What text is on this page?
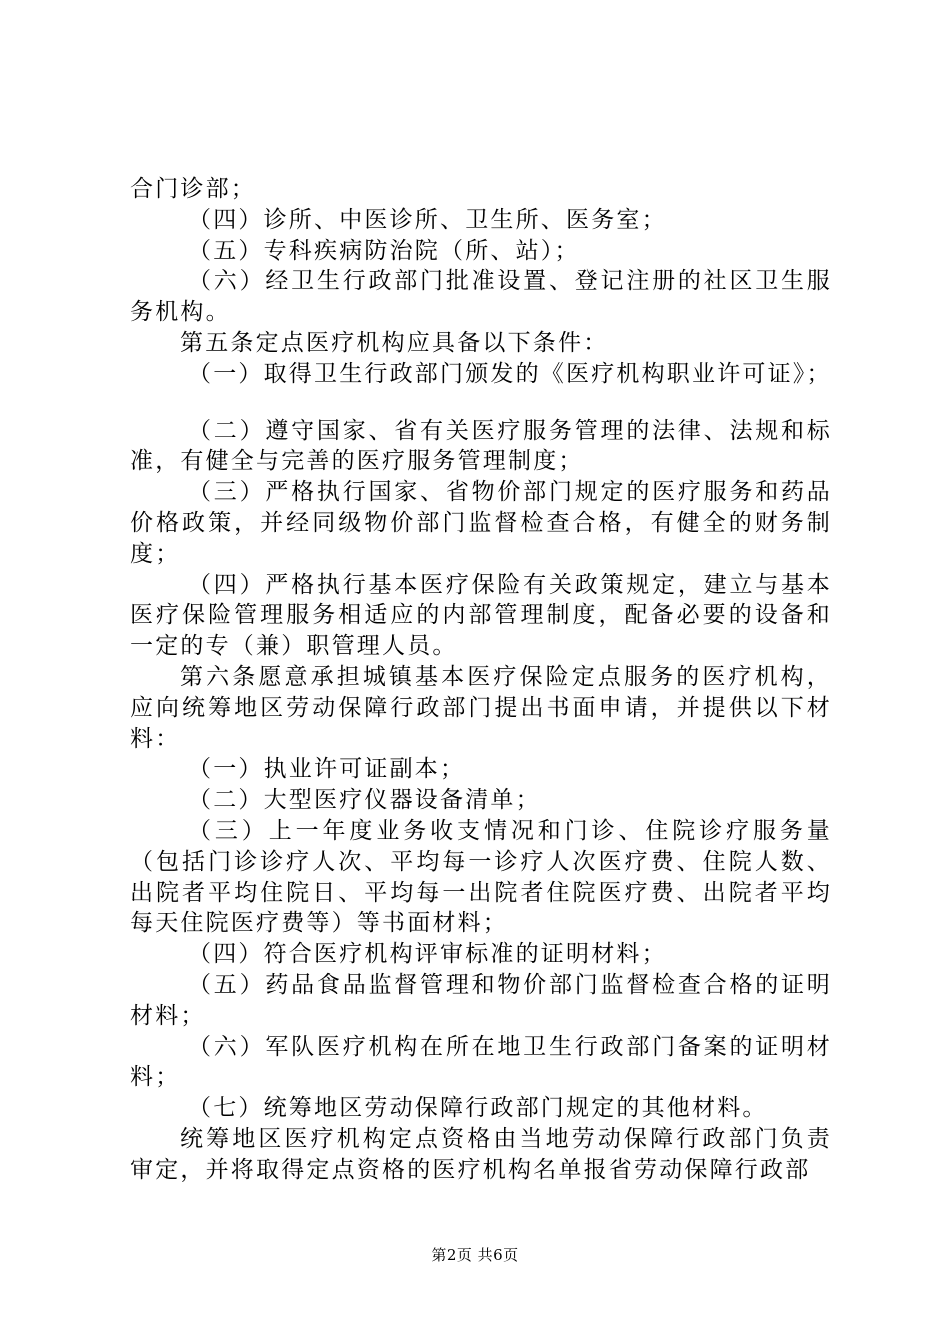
合门诊部；

（四）诊所、中医诊所、卫生所、医务室；

（五）专科疾病防治院（所、站）；

（六）经卫生行政部门批准设置、登记注册的社区卫生服务机构。

第五条定点医疗机构应具备以下条件：

（一）取得卫生行政部门颁发的《医疗机构职业许可证》；

（二）遵守国家、省有关医疗服务管理的法律、法规和标准，有健全与完善的医疗服务管理制度；

（三）严格执行国家、省物价部门规定的医疗服务和药品价格政策，并经同级物价部门监督检查合格，有健全的财务制度；

（四）严格执行基本医疗保险有关政策规定，建立与基本医疗保险管理服务相适应的内部管理制度，配备必要的设备和一定的专（兼）职管理人员。

第六条愿意承担城镇基本医疗保险定点服务的医疗机构，应向统筹地区劳动保障行政部门提出书面申请，并提供以下材料：

（一）执业许可证副本；

（二）大型医疗仪器设备清单；

（三）上一年度业务收支情况和门诊、住院诊疗服务量（包括门诊诊疗人次、平均每一诊疗人次医疗费、住院人数、出院者平均住院日、平均每一出院者住院医疗费、出院者平均每天住院医疗费等）等书面材料；

（四）符合医疗机构评审标准的证明材料；

（五）药品食品监督管理和物价部门监督检查合格的证明材料；

（六）军队医疗机构在所在地卫生行政部门备案的证明材料；

（七）统筹地区劳动保障行政部门规定的其他材料。

统筹地区医疗机构定点资格由当地劳动保障行政部门负责审定，并将取得定点资格的医疗机构名单报省劳动保障行政部

第2页 共6页
